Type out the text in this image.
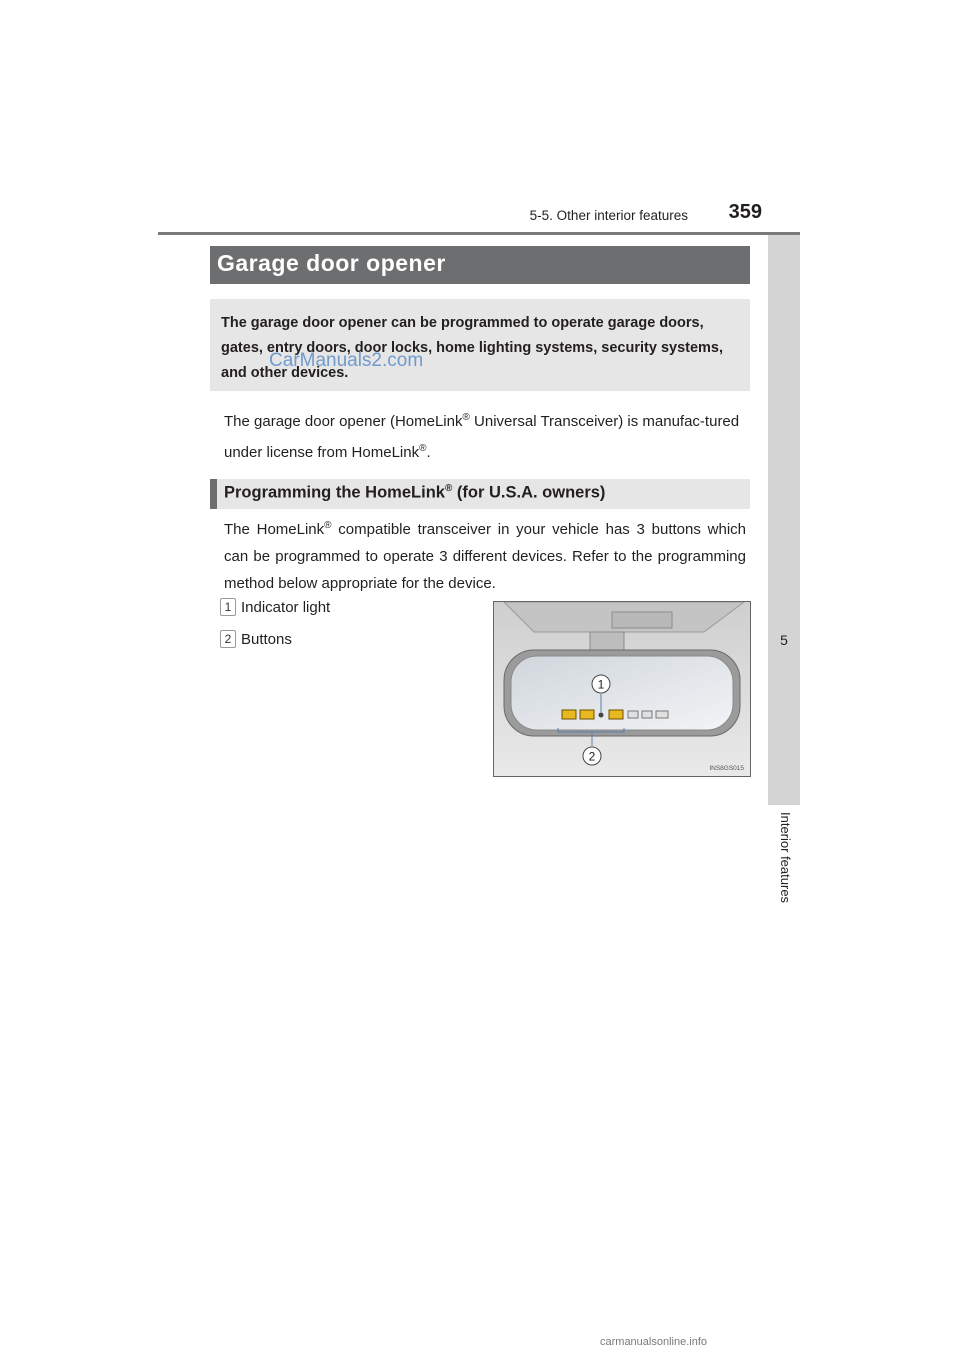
5-5. Other interior features	359
5
Interior features
Garage door opener
The garage door opener can be programmed to operate garage doors, gates, entry doors, door locks, home lighting systems, security systems, and other devices.
CarManuals2.com
The garage door opener (HomeLink® Universal Transceiver) is manufac-tured under license from HomeLink®.
Programming the HomeLink® (for U.S.A. owners)
The HomeLink® compatible transceiver in your vehicle has 3 buttons which can be programmed to operate 3 different devices. Refer to the programming method below appropriate for the device.
1 Indicator light
2 Buttons
1
2
INS8GS015
carmanualsonline.info
